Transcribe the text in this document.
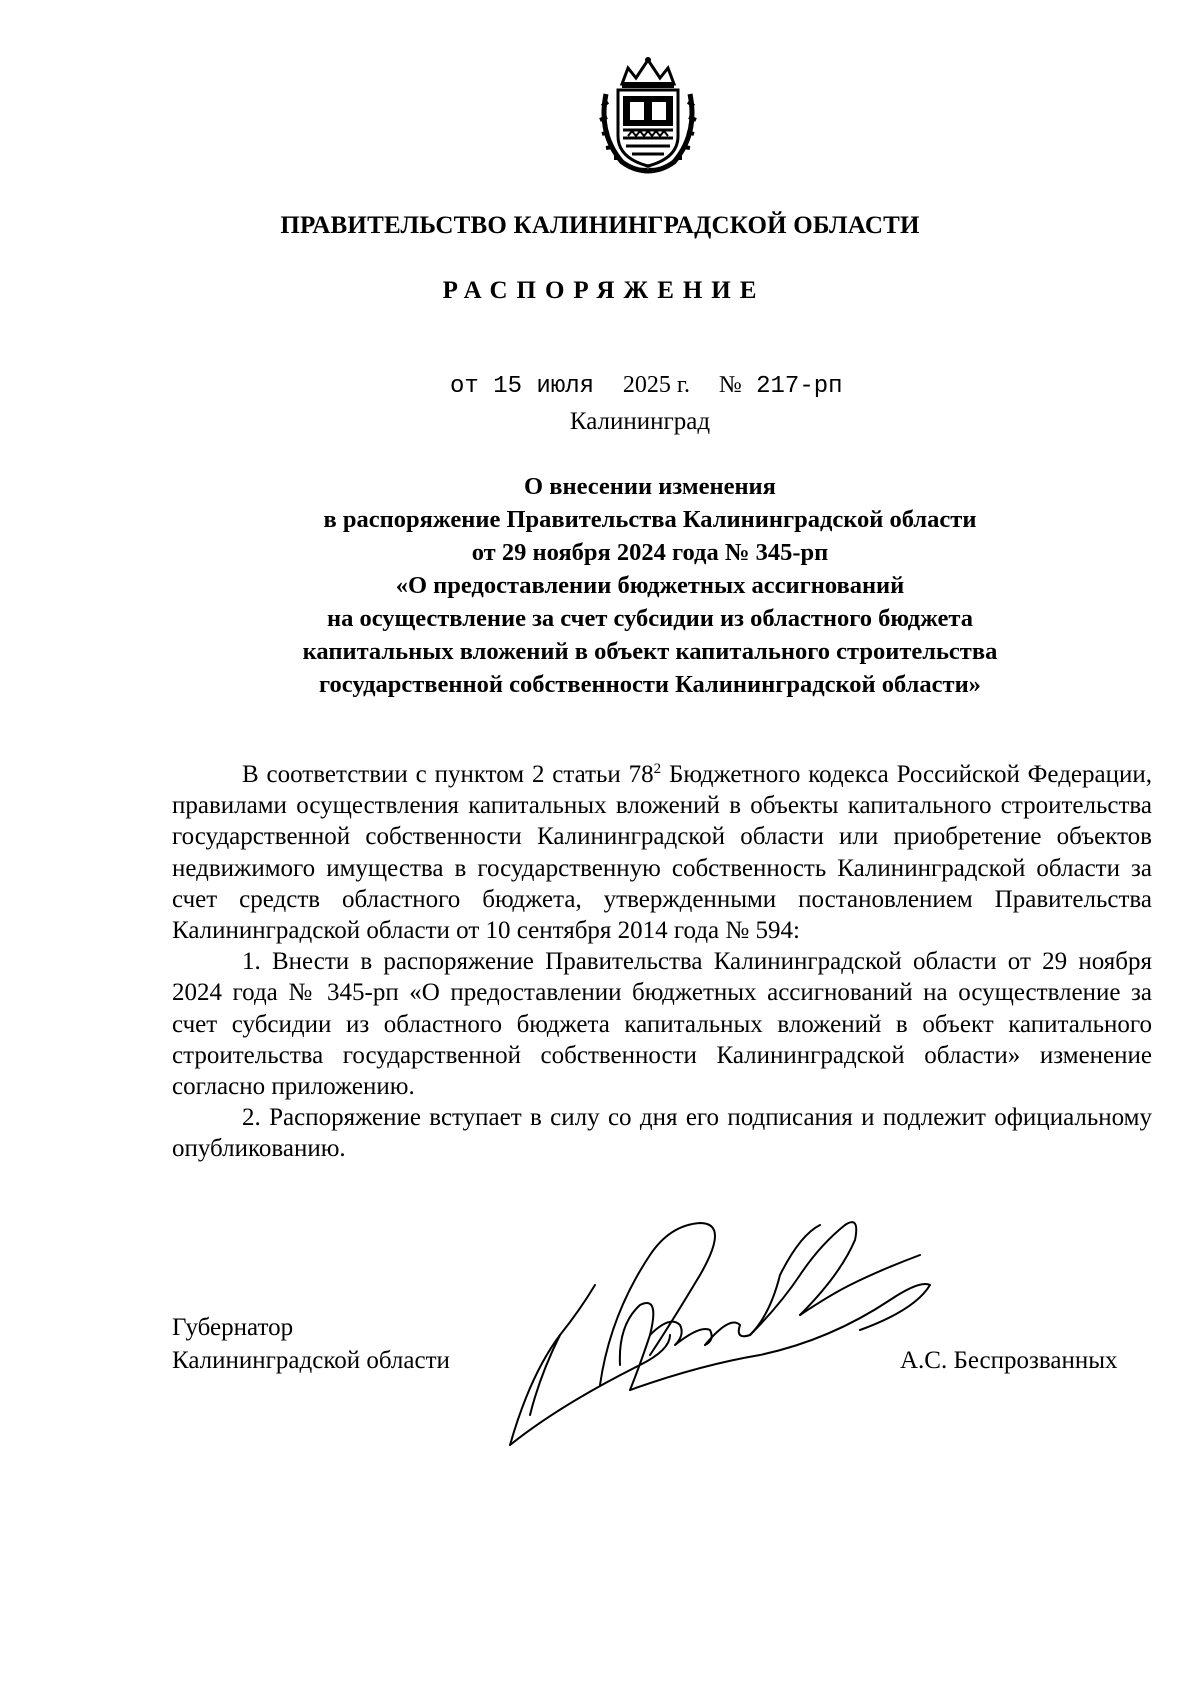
ПРАВИТЕЛЬСТВО КАЛИНИНГРАДСКОЙ ОБЛАСТИ
РАСПОРЯЖЕНИЕ
от 15 июля 2025 г. № 217-рп
Калининград
О внесении изменения
в распоряжение Правительства Калининградской области
от 29 ноября 2024 года № 345-рп
«О предоставлении бюджетных ассигнований
на осуществление за счет субсидии из областного бюджета
капитальных вложений в объект капитального строительства
государственной собственности Калининградской области»

В соответствии с пунктом 2 статьи $78^2$ Бюджетного кодекса Российской Федерации, правилами осуществления капитальных вложений в объекты капитального строительства государственной собственности Калининградской области или приобретение объектов недвижимого имущества в государственную собственность Калининградской области за счет средств областного бюджета, утвержденными постановлением Правительства Калининградской области от 10 сентября 2014 года № 594:

1. Внести в распоряжение Правительства Калининградской области от 29 ноября 2024 года № 345-рп «О предоставлении бюджетных ассигнований на осуществление за счет субсидии из областного бюджета капитальных вложений в объект капитального строительства государственной собственности Калининградской области» изменение согласно приложению.

2. Распоряжение вступает в силу со дня его подписания и подлежит официальному опубликованию.

Губернатор
Калининградской области	А.С. Беспрозванных
